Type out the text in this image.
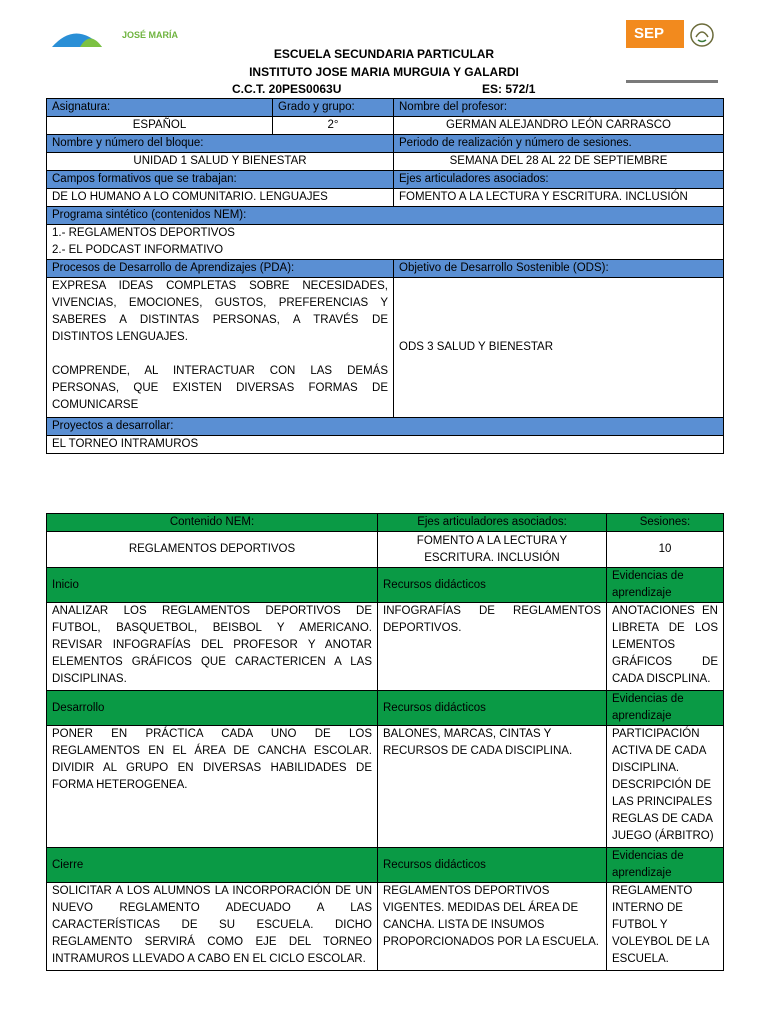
JOSÉ MARÍA	SEP
ESCUELA SECUNDARIA PARTICULAR
INSTITUTO JOSE MARIA MURGUIA Y GALARDI
C.C.T. 20PES0063U	ES: 572/1
Asignatura:	Grado y grupo:	Nombre del profesor:
ESPAÑOL	2°	GERMAN ALEJANDRO LEÓN CARRASCO
Nombre y número del bloque:		Periodo de realización y número de sesiones.
UNIDAD 1 SALUD Y BIENESTAR		SEMANA DEL 28 AL 22 DE SEPTIEMBRE
Campos formativos que se trabajan:		Ejes articuladores asociados:
DE LO HUMANO A LO COMUNITARIO. LENGUAJES		FOMENTO A LA LECTURA Y ESCRITURA. INCLUSIÓN
Programa sintético (contenidos NEM):		

1.- REGLAMENTOS DEPORTIVOS
2.- EL PODCAST INFORMATIVO		

Procesos de Desarrollo de Aprendizajes (PDA):		Objetivo de Desarrollo Sostenible (ODS):

EXPRESA IDEAS COMPLETAS SOBRE NECESIDADES, VIVENCIAS, EMOCIONES, GUSTOS, PREFERENCIAS Y SABERES A DISTINTAS PERSONAS, A TRAVÉS DE DISTINTOS LENGUAJES.
COMPRENDE, AL INTERACTUAR CON LAS DEMÁS PERSONAS, QUE EXISTEN DIVERSAS FORMAS DE COMUNICARSE		ODS 3 SALUD Y BIENESTAR
Proyectos a desarrollar:		
EL TORNEO INTRAMUROS		
Contenido NEM:	Ejes articuladores asociados:	Sesiones:
REGLAMENTOS DEPORTIVOS	FOMENTO A LA LECTURA Y ESCRITURA. INCLUSIÓN	10
Inicio	Recursos didácticos	Evidencias de aprendizaje
ANALIZAR LOS REGLAMENTOS DEPORTIVOS DE FUTBOL, BASQUETBOL, BEISBOL Y AMERICANO. REVISAR INFOGRAFÍAS DEL PROFESOR Y ANOTAR ELEMENTOS GRÁFICOS QUE CARACTERICEN A LAS DISCIPLINAS.	INFOGRAFÍAS DE REGLAMENTOS DEPORTIVOS.	ANOTACIONES EN LIBRETA DE LOS LEMENTOS GRÁFICOS DE CADA DISCPLINA.
Desarrollo	Recursos didácticos	Evidencias de aprendizaje
PONER EN PRÁCTICA CADA UNO DE LOS REGLAMENTOS EN EL ÁREA DE CANCHA ESCOLAR. DIVIDIR AL GRUPO EN DIVERSAS HABILIDADES DE FORMA HETEROGENEA.	BALONES, MARCAS, CINTAS Y RECURSOS DE CADA DISCIPLINA.	PARTICIPACIÓN ACTIVA DE CADA DISCIPLINA. DESCRIPCIÓN DE LAS PRINCIPALES REGLAS DE CADA JUEGO (ÁRBITRO)
Cierre	Recursos didácticos	Evidencias de aprendizaje
SOLICITAR A LOS ALUMNOS LA INCORPORACIÓN DE UN NUEVO REGLAMENTO ADECUADO A LAS CARACTERÍSTICAS DE SU ESCUELA. DICHO REGLAMENTO SERVIRÁ COMO EJE DEL TORNEO INTRAMUROS LLEVADO A CABO EN EL CICLO ESCOLAR.	REGLAMENTOS DEPORTIVOS VIGENTES. MEDIDAS DEL ÁREA DE CANCHA. LISTA DE INSUMOS PROPORCIONADOS POR LA ESCUELA.	REGLAMENTO INTERNO DE FUTBOL Y VOLEYBOL DE LA ESCUELA.
